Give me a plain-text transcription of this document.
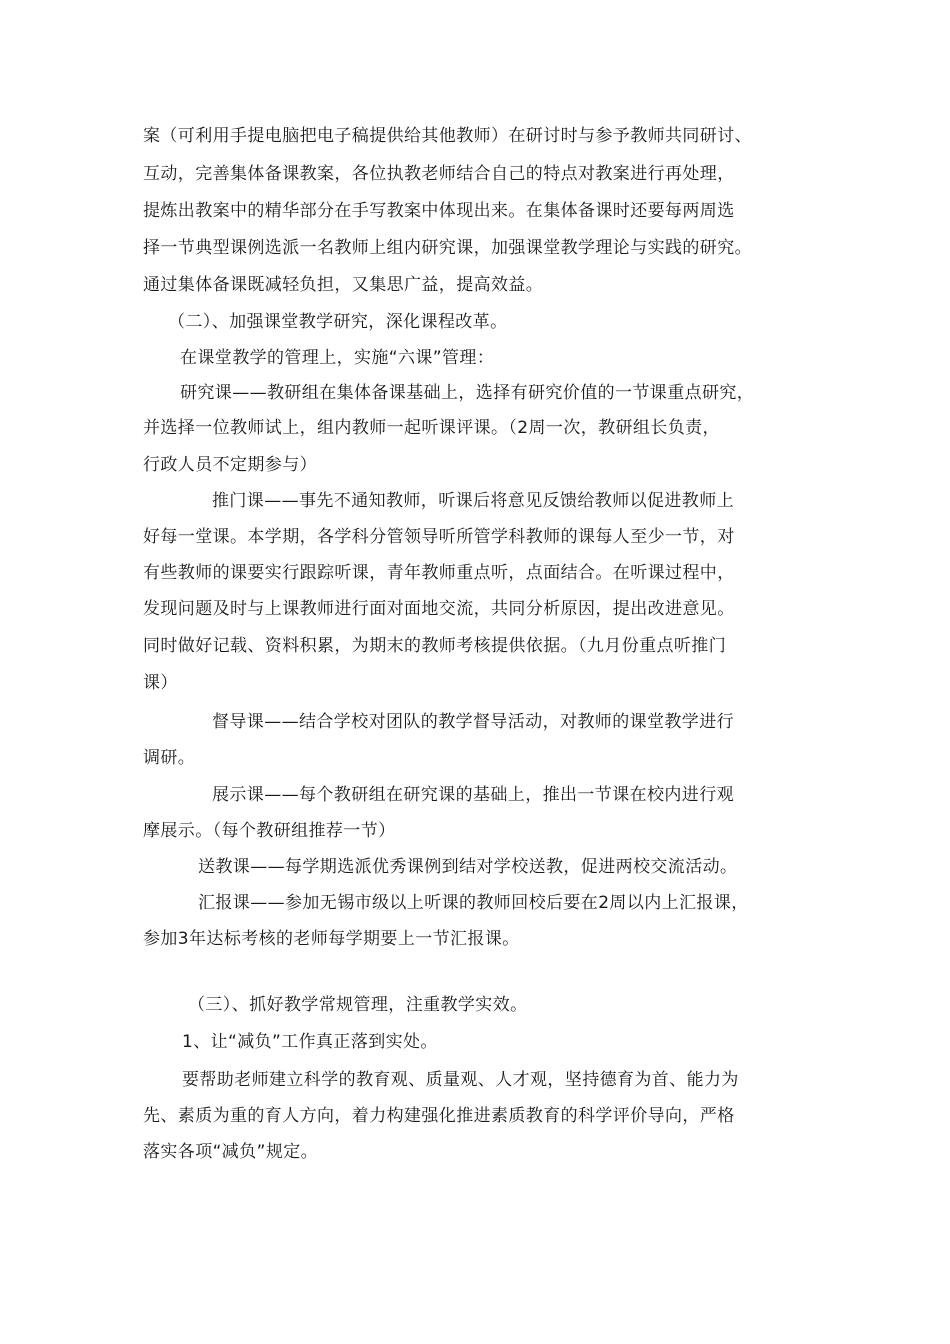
案（可利用手提电脑把电子稿提供给其他教师）在研讨时与参予教师共同研讨、
互动，完善集体备课教案，各位执教老师结合自己的特点对教案进行再处理，
提炼出教案中的精华部分在手写教案中体现出来。在集体备课时还要每两周选
择一节典型课例选派一名教师上组内研究课，加强课堂教学理论与实践的研究。
通过集体备课既减轻负担，又集思广益，提高效益。
（二）、加强课堂教学研究，深化课程改革。
在课堂教学的管理上，实施“六课”管理：
研究课——教研组在集体备课基础上，选择有研究价值的一节课重点研究，
并选择一位教师试上，组内教师一起听课评课。（2周一次，教研组长负责，
行政人员不定期参与）
推门课——事先不通知教师，听课后将意见反馈给教师以促进教师上
好每一堂课。本学期，各学科分管领导听所管学科教师的课每人至少一节，对
有些教师的课要实行跟踪听课，青年教师重点听，点面结合。在听课过程中，
发现问题及时与上课教师进行面对面地交流，共同分析原因，提出改进意见。
同时做好记载、资料积累，为期末的教师考核提供依据。（九月份重点听推门
课）
督导课——结合学校对团队的教学督导活动，对教师的课堂教学进行
调研。
展示课——每个教研组在研究课的基础上，推出一节课在校内进行观
摩展示。（每个教研组推荐一节）
送教课——每学期选派优秀课例到结对学校送教，促进两校交流活动。
汇报课——参加无锡市级以上听课的教师回校后要在2周以内上汇报课，
参加3年达标考核的老师每学期要上一节汇报课。
（三）、抓好教学常规管理，注重教学实效。
1、让“减负”工作真正落到实处。
要帮助老师建立科学的教育观、质量观、人才观，坚持德育为首、能力为
先、素质为重的育人方向，着力构建强化推进素质教育的科学评价导向，严格
落实各项“减负”规定。
